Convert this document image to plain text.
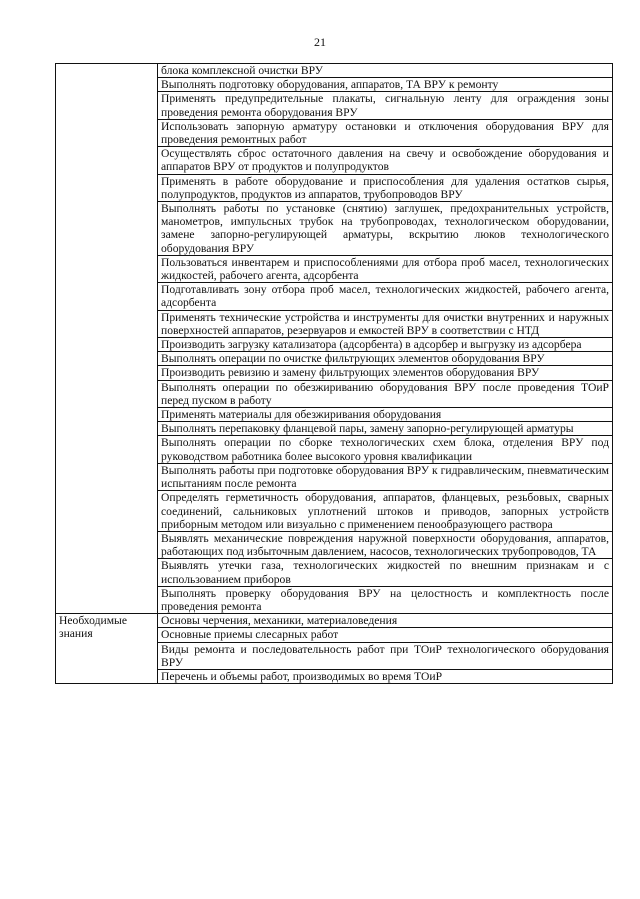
21
	блока комплексной очистки ВРУ
	Выполнять подготовку оборудования, аппаратов, ТА ВРУ к ремонту
	Применять предупредительные плакаты, сигнальную ленту для ограждения зоны проведения ремонта оборудования ВРУ
	Использовать запорную арматуру остановки и отключения оборудования ВРУ для проведения ремонтных работ
	Осуществлять сброс остаточного давления на свечу и освобождение оборудования и аппаратов ВРУ от продуктов и полупродуктов
	Применять в работе оборудование и приспособления для удаления остатков сырья, полупродуктов, продуктов из аппаратов, трубопроводов ВРУ
	Выполнять работы по установке (снятию) заглушек, предохранительных устройств, манометров, импульсных трубок на трубопроводах, технологическом оборудовании, замене запорно-регулирующей арматуры, вскрытию люков технологического оборудования ВРУ
	Пользоваться инвентарем и приспособлениями для отбора проб масел, технологических жидкостей, рабочего агента, адсорбента
	Подготавливать зону отбора проб масел, технологических жидкостей, рабочего агента, адсорбента
	Применять технические устройства и инструменты для очистки внутренних и наружных поверхностей аппаратов, резервуаров и емкостей ВРУ в соответствии с НТД
	Производить загрузку катализатора (адсорбента) в адсорбер и выгрузку из адсорбера
	Выполнять операции по очистке фильтрующих элементов оборудования ВРУ
	Производить ревизию и замену фильтрующих элементов оборудования ВРУ
	Выполнять операции по обезжириванию оборудования ВРУ после проведения ТОиР перед пуском в работу
	Применять материалы для обезжиривания оборудования
	Выполнять перепаковку фланцевой пары, замену запорно-регулирующей арматуры
	Выполнять операции по сборке технологических схем блока, отделения ВРУ под руководством работника более высокого уровня квалификации
	Выполнять работы при подготовке оборудования ВРУ к гидравлическим, пневматическим испытаниям после ремонта
	Определять герметичность оборудования, аппаратов, фланцевых, резьбовых, сварных соединений, сальниковых уплотнений штоков и приводов, запорных устройств приборным методом или визуально с применением пенообразующего раствора
	Выявлять механические повреждения наружной поверхности оборудования, аппаратов, работающих под избыточным давлением, насосов, технологических трубопроводов, ТА
	Выявлять утечки газа, технологических жидкостей по внешним признакам и с использованием приборов
	Выполнять проверку оборудования ВРУ на целостность и комплектность после проведения ремонта
Необходимые знания	Основы черчения, механики, материаловедения
	Основные приемы слесарных работ
	Виды ремонта и последовательность работ при ТОиР технологического оборудования ВРУ
	Перечень и объемы работ, производимых во время ТОиР
